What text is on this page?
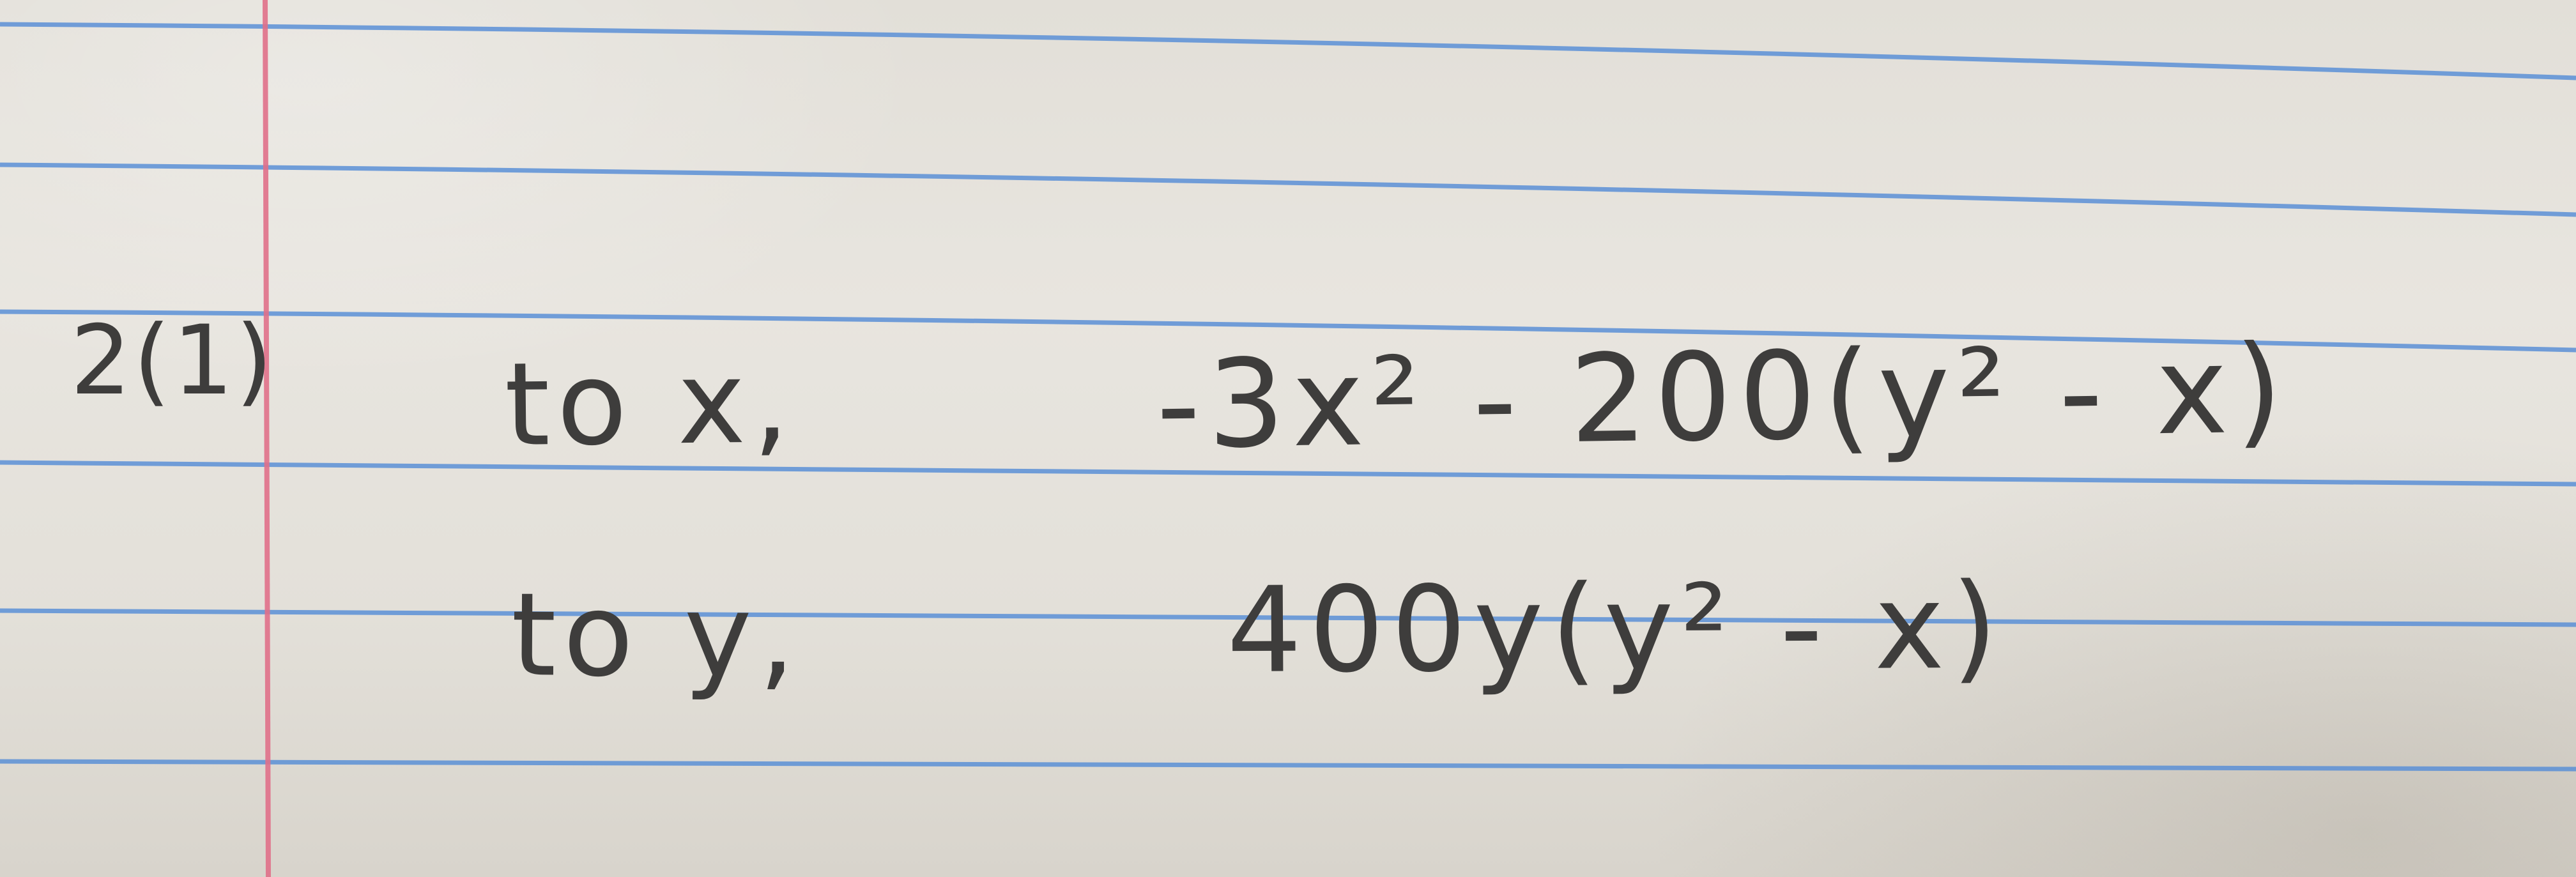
2(1) to x,	-3x² - 200(y² - x)
to y,	400y(y² - x)
